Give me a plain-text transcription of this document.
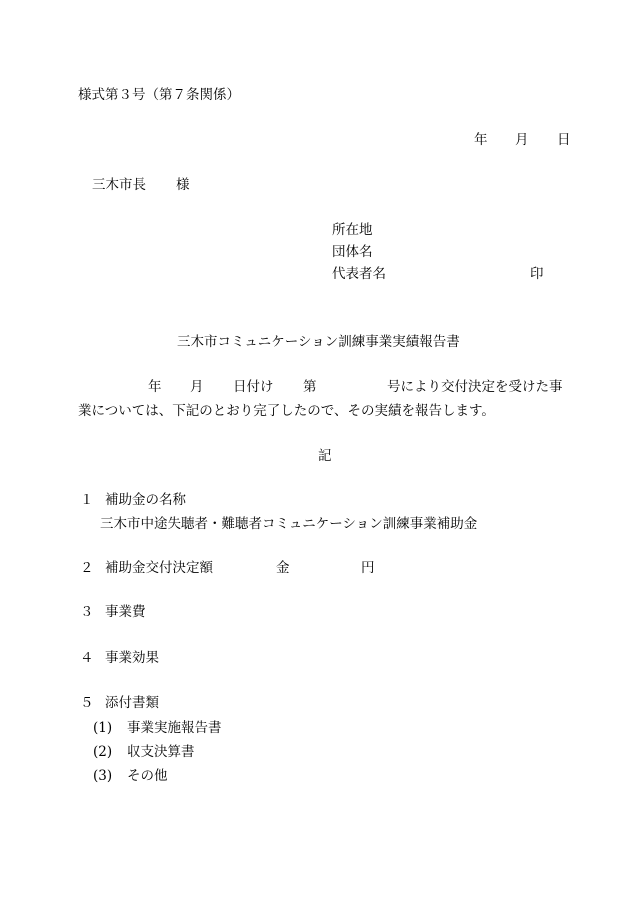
様式第３号（第７条関係）
年 月 日
三木市長 様
所在地
団体名
代表者名	印
三木市コミュニケーション訓練事業実績報告書
年 月 日付け 第	号により交付決定を受けた事
業については、下記のとおり完了したので、その実績を報告します。
記
１ 補助金の名称
三木市中途失聴者・難聴者コミュニケーション訓練事業補助金
２ 補助金交付決定額	金	円
３ 事業費
４ 事業効果
５ 添付書類
(1) 事業実施報告書
(2) 収支決算書
(3) その他
